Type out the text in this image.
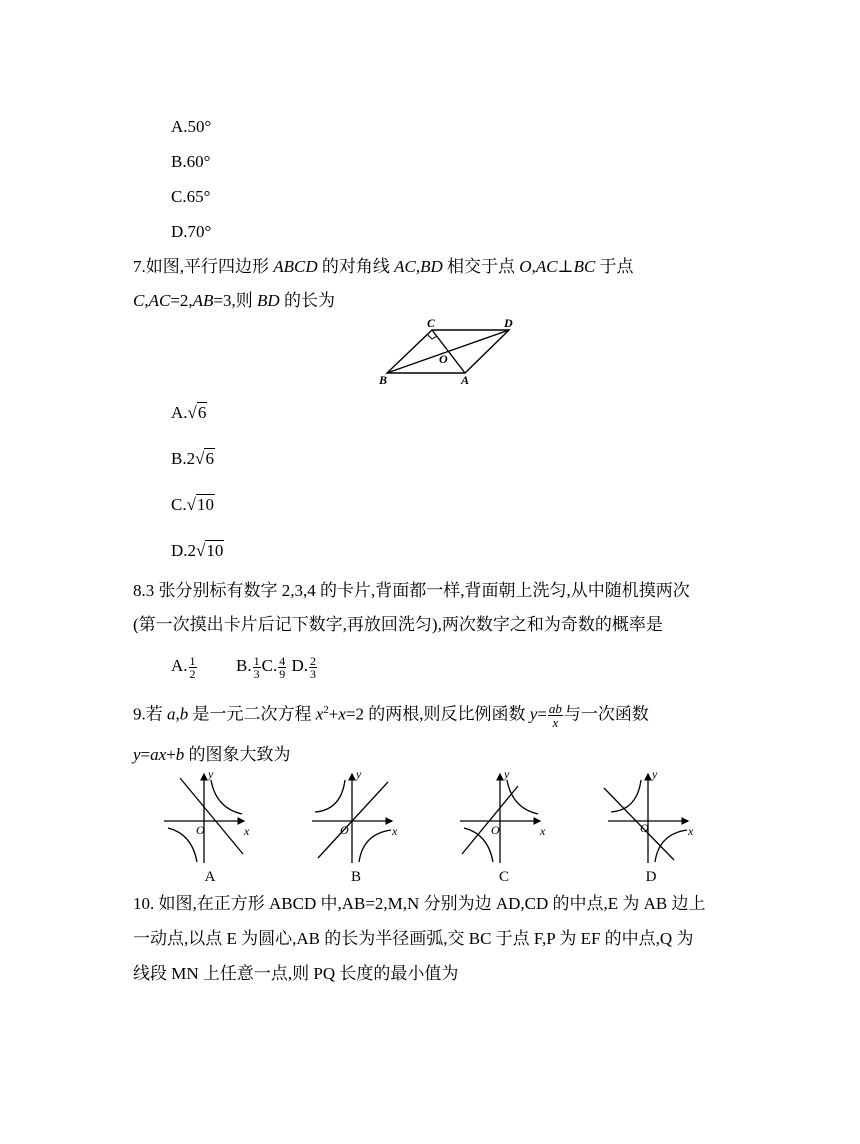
A.50°
B.60°
C.65°
D.70°
7.如图,平行四边形 ABCD 的对角线 AC,BD 相交于点 O,AC⊥BC 于点
C,AC=2,AB=3,则 BD 的长为
C	D
O
B	A
A.√6
B.2√6
C.√10
D.2√10
8.3 张分别标有数字 2,3,4 的卡片,背面都一样,背面朝上洗匀,从中随机摸两次
(第一次摸出卡片后记下数字,再放回洗匀),两次数字之和为奇数的概率是
A. $\frac{1}{2} B$. $\frac{1}{3} C$. $\frac{4}{9} D$. $\frac{2}{3}$
9.若 a,b 是一元二次方程 $x^2+x=2$ 的两根,则反比例函数 $y= \frac{ab}{x}$ 与一次函数
y=ax+b 的图象大致为
O	x
y
O	x
y
O	x
y
O	x
y
A	B	C	D
10. 如图,在正方形 ABCD 中,AB=2,M,N 分别为边 AD,CD 的中点,E 为 AB 边上
一动点,以点 E 为圆心,AB 的长为半径画弧,交 BC 于点 F,P 为 EF 的中点,Q 为
线段 MN 上任意一点,则 PQ 长度的最小值为
